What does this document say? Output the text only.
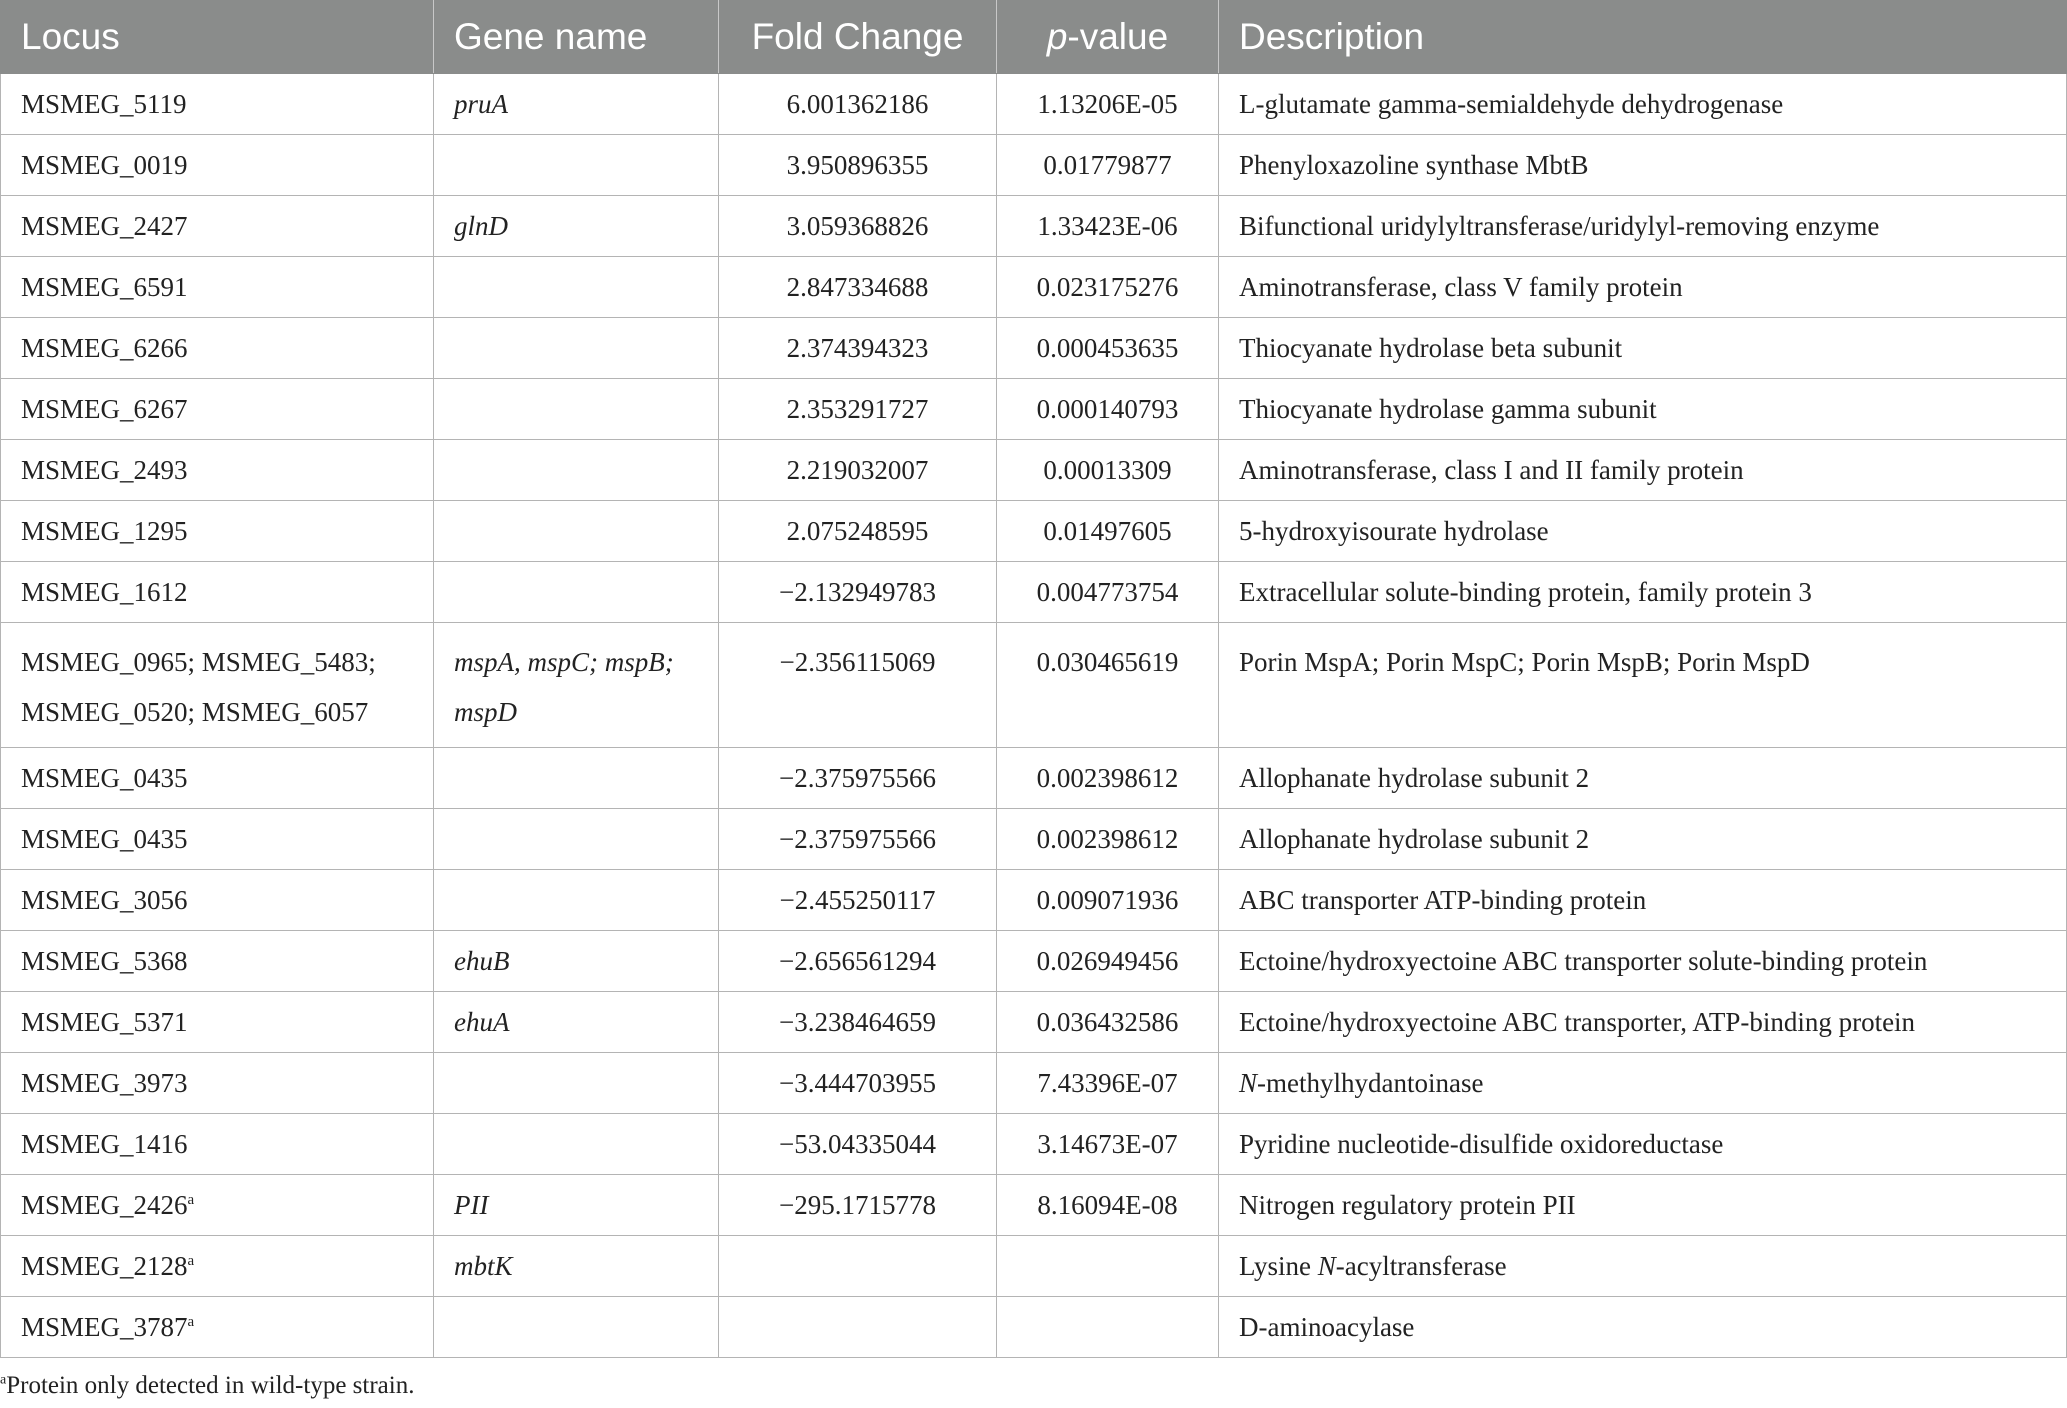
Locus	Gene name	Fold Change	p-value	Description
MSMEG_5119	pruA	6.001362186	1.13206E-05	L-glutamate gamma-semialdehyde dehydrogenase
MSMEG_0019		3.950896355	0.01779877	Phenyloxazoline synthase MbtB
MSMEG_2427	glnD	3.059368826	1.33423E-06	Bifunctional uridylyltransferase/uridylyl-removing enzyme
MSMEG_6591		2.847334688	0.023175276	Aminotransferase, class V family protein
MSMEG_6266		2.374394323	0.000453635	Thiocyanate hydrolase beta subunit
MSMEG_6267		2.353291727	0.000140793	Thiocyanate hydrolase gamma subunit
MSMEG_2493		2.219032007	0.00013309	Aminotransferase, class I and II family protein
MSMEG_1295		2.075248595	0.01497605	5-hydroxyisourate hydrolase
MSMEG_1612		−2.132949783	0.004773754	Extracellular solute-binding protein, family protein 3
MSMEG_0965; MSMEG_5483; MSMEG_0520; MSMEG_6057	mspA, mspC; mspB; mspD	−2.356115069	0.030465619	Porin MspA; Porin MspC; Porin MspB; Porin MspD
MSMEG_0435		−2.375975566	0.002398612	Allophanate hydrolase subunit 2
MSMEG_0435		−2.375975566	0.002398612	Allophanate hydrolase subunit 2
MSMEG_3056		−2.455250117	0.009071936	ABC transporter ATP-binding protein
MSMEG_5368	ehuB	−2.656561294	0.026949456	Ectoine/hydroxyectoine ABC transporter solute-binding protein
MSMEG_5371	ehuA	−3.238464659	0.036432586	Ectoine/hydroxyectoine ABC transporter, ATP-binding protein
MSMEG_3973		−3.444703955	7.43396E-07	N-methylhydantoinase
MSMEG_1416		−53.04335044	3.14673E-07	Pyridine nucleotide-disulfide oxidoreductase
MSMEG_2426$^a$	PII	−295.1715778	8.16094E-08	Nitrogen regulatory protein PII
MSMEG_2128$^a$	mbtK			Lysine N-acyltransferase
MSMEG_3787$^a$				D-aminoacylase
$^a$Protein only detected in wild-type strain.
